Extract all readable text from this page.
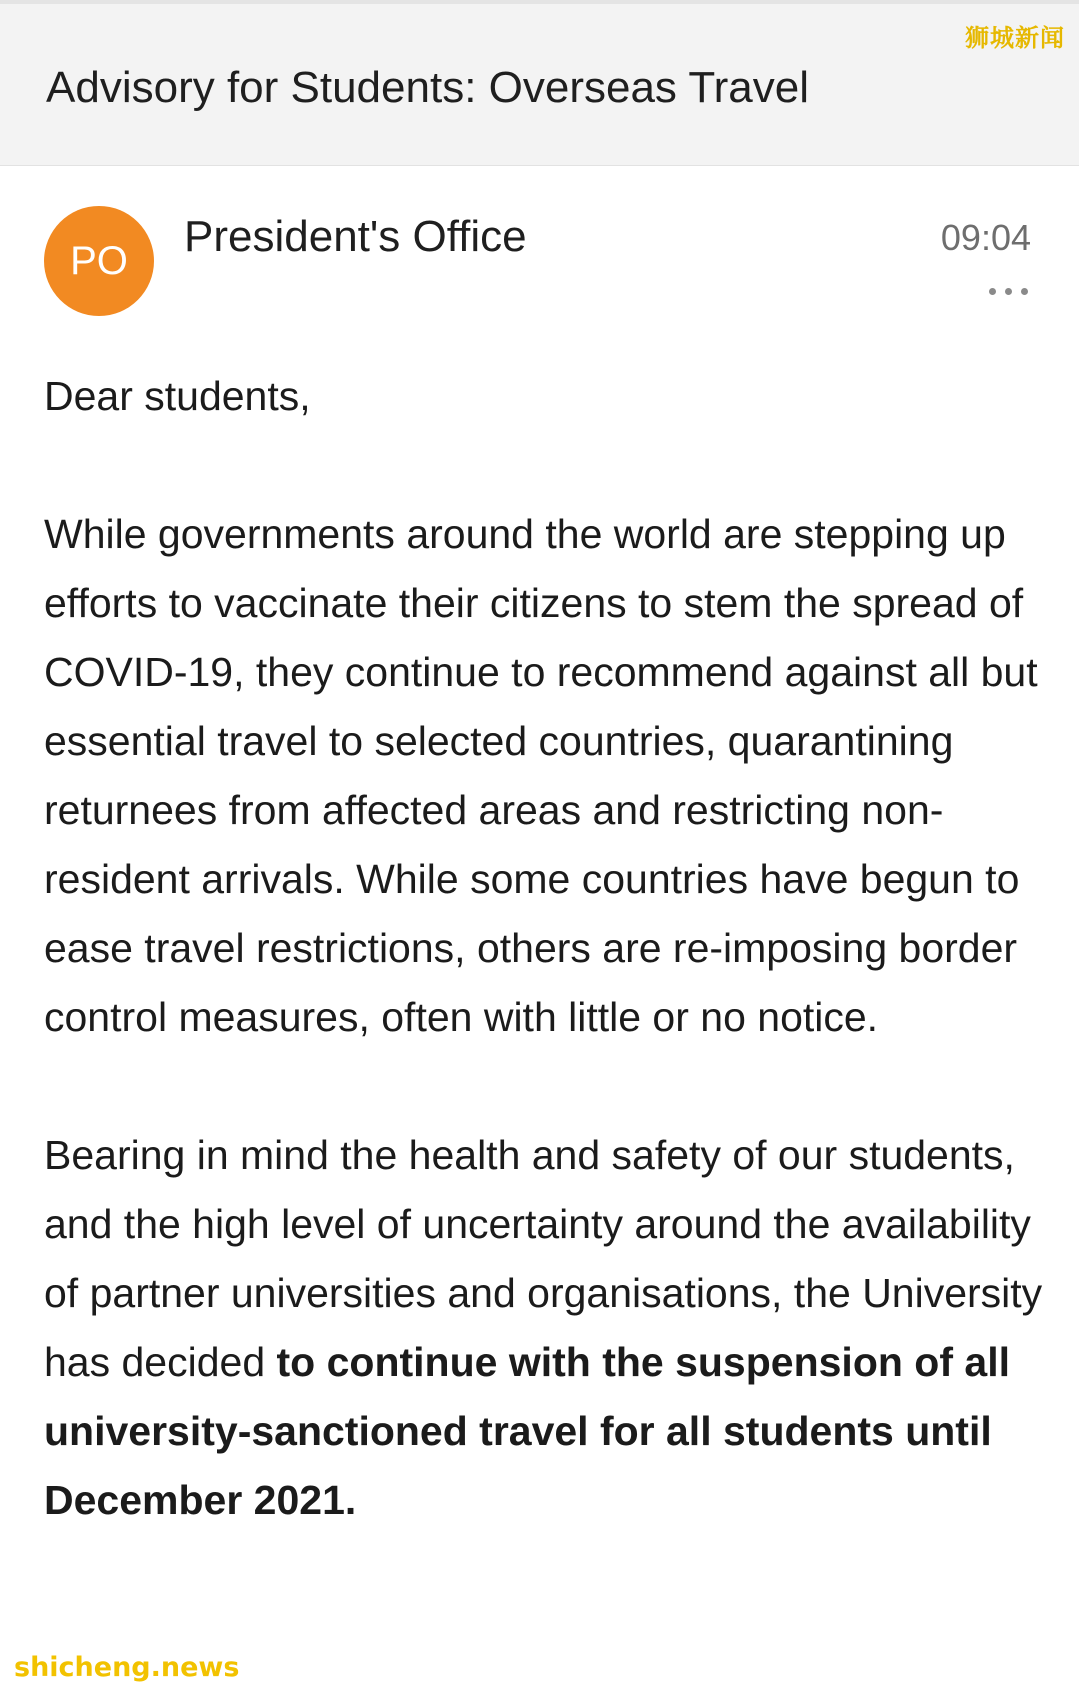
Advisory for Students: Overseas Travel
狮城新闻
PO	President's Office	09:04

Dear students,

While governments around the world are stepping up efforts to vaccinate their citizens to stem the spread of COVID-19, they continue to recommend against all but essential travel to selected countries, quarantining returnees from affected areas and restricting non-resident arrivals. While some countries have begun to ease travel restrictions, others are re-imposing border control measures, often with little or no notice.

Bearing in mind the health and safety of our students, and the high level of uncertainty around the availability of partner universities and organisations, the University has decided to continue with the suspension of all university-sanctioned travel for all students until December 2021.

shicheng.news
